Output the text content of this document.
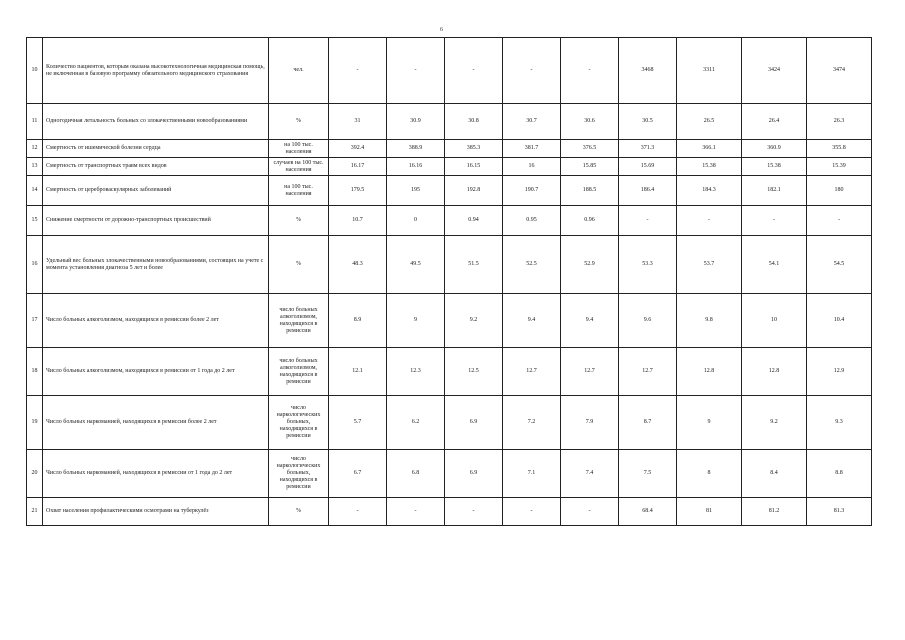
6
10	Количество пациентов, которым оказана высокотехнологичная медицинская помощь, не включенная в базовую программу обязательного медицинского страхования	чел.	-	-	-	-	-	3468	3311	3424	3474
11	Одногодичная летальность больных со злокачественными новообразованиями	%	31	30.9	30.8	30.7	30.6	30.5	26.5	26.4	26.3
12	Смертность от ишемической болезни сердца	на 100 тыс. населения	392.4	388.9	385.3	381.7	376.5	371.3	366.1	360.9	355.8
13	Смертность от транспортных травм всех видов	случаев на 100 тыс. населения	16.17	16.16	16.15	16	15.85	15.69	15.38	15.38	15.39
14	Смертность от цереброваскулярных заболеваний	на 100 тыс. населения	179.5	195	192.8	190.7	188.5	186.4	184.3	182.1	180
15	Снижение смертности от дорожно-транспортных происшествий	%	10.7	0	0.94	0.95	0.96	-	-	-	-
16	Удельный вес больных злокачественными новообразованиями, состоящих на учете с момента установления диагноза 5 лет и более	%	48.3	49.5	51.5	52.5	52.9	53.3	53.7	54.1	54.5
17	Число больных алкоголизмом, находящихся в ремиссии более 2 лет	число больных алкоголизмом, находящихся в ремиссии	8.9	9	9.2	9.4	9.4	9.6	9.8	10	10.4
18	Число больных алкоголизмом, находящихся в ремиссии от 1 года до 2 лет	число больных алкоголизмом, находящихся в ремиссии	12.1	12.3	12.5	12.7	12.7	12.7	12.8	12.8	12.9
19	Число больных наркоманией, находящихся в ремиссии более 2 лет	число наркологических больных, находящихся в ремиссии	5.7	6.2	6.9	7.2	7.9	8.7	9	9.2	9.3
20	Число больных наркоманией, находящихся в ремиссии от 1 года до 2 лет	число наркологических больных, находящихся в ремиссии	6.7	6.8	6.9	7.1	7.4	7.5	8	8.4	8.8
21	Охват населения профилактическими осмотрами на туберкулёз	%	-	-	-	-	-	68.4	81	81.2	81.3
